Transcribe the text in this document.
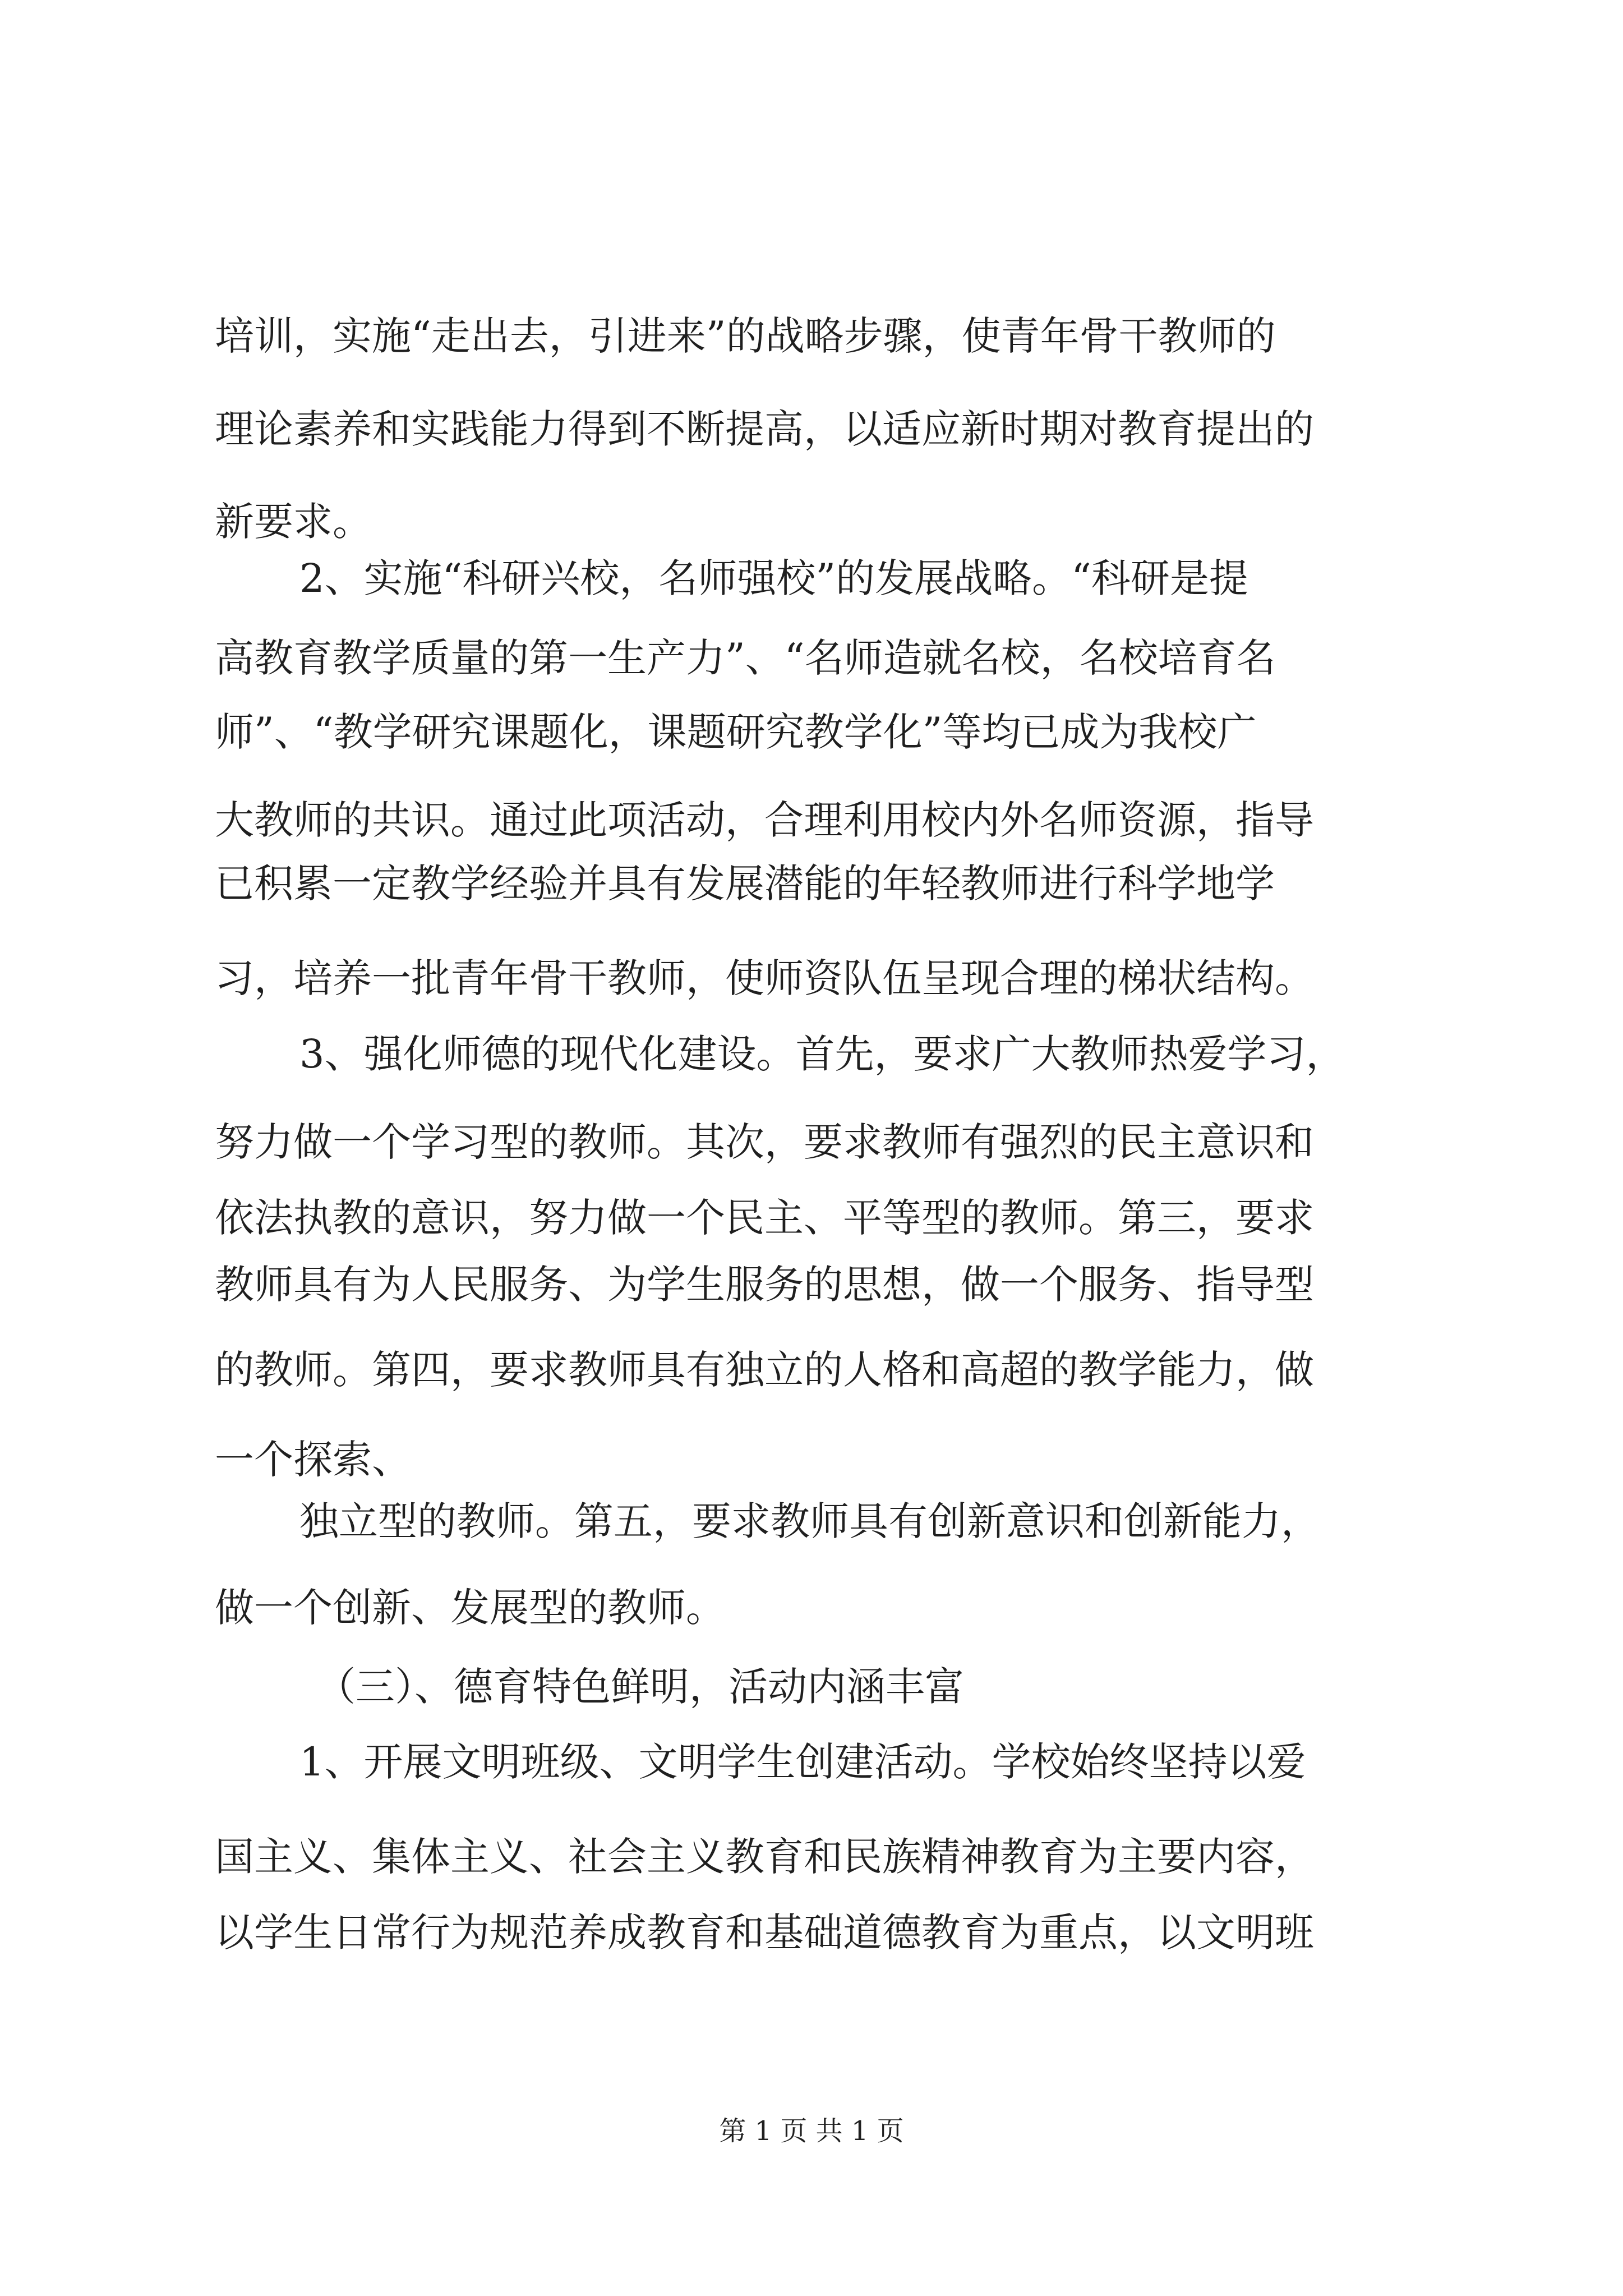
培训，实施“走出去，引进来”的战略步骤，使青年骨干教师的

理论素养和实践能力得到不断提高，以适应新时期对教育提出的

新要求。

2、实施“科研兴校，名师强校”的发展战略。“科研是提

高教育教学质量的第一生产力”、“名师造就名校，名校培育名

师”、“教学研究课题化，课题研究教学化”等均已成为我校广

大教师的共识。通过此项活动，合理利用校内外名师资源，指导

已积累一定教学经验并具有发展潜能的年轻教师进行科学地学

习，培养一批青年骨干教师，使师资队伍呈现合理的梯状结构。

3、强化师德的现代化建设。首先，要求广大教师热爱学习，

努力做一个学习型的教师。其次，要求教师有强烈的民主意识和

依法执教的意识，努力做一个民主、平等型的教师。第三，要求

教师具有为人民服务、为学生服务的思想，做一个服务、指导型

的教师。第四，要求教师具有独立的人格和高超的教学能力，做

一个探索、

独立型的教师。第五，要求教师具有创新意识和创新能力，

做一个创新、发展型的教师。

（三）、德育特色鲜明，活动内涵丰富

1、开展文明班级、文明学生创建活动。学校始终坚持以爱

国主义、集体主义、社会主义教育和民族精神教育为主要内容，

以学生日常行为规范养成教育和基础道德教育为重点，以文明班

第 1 页 共 1 页
